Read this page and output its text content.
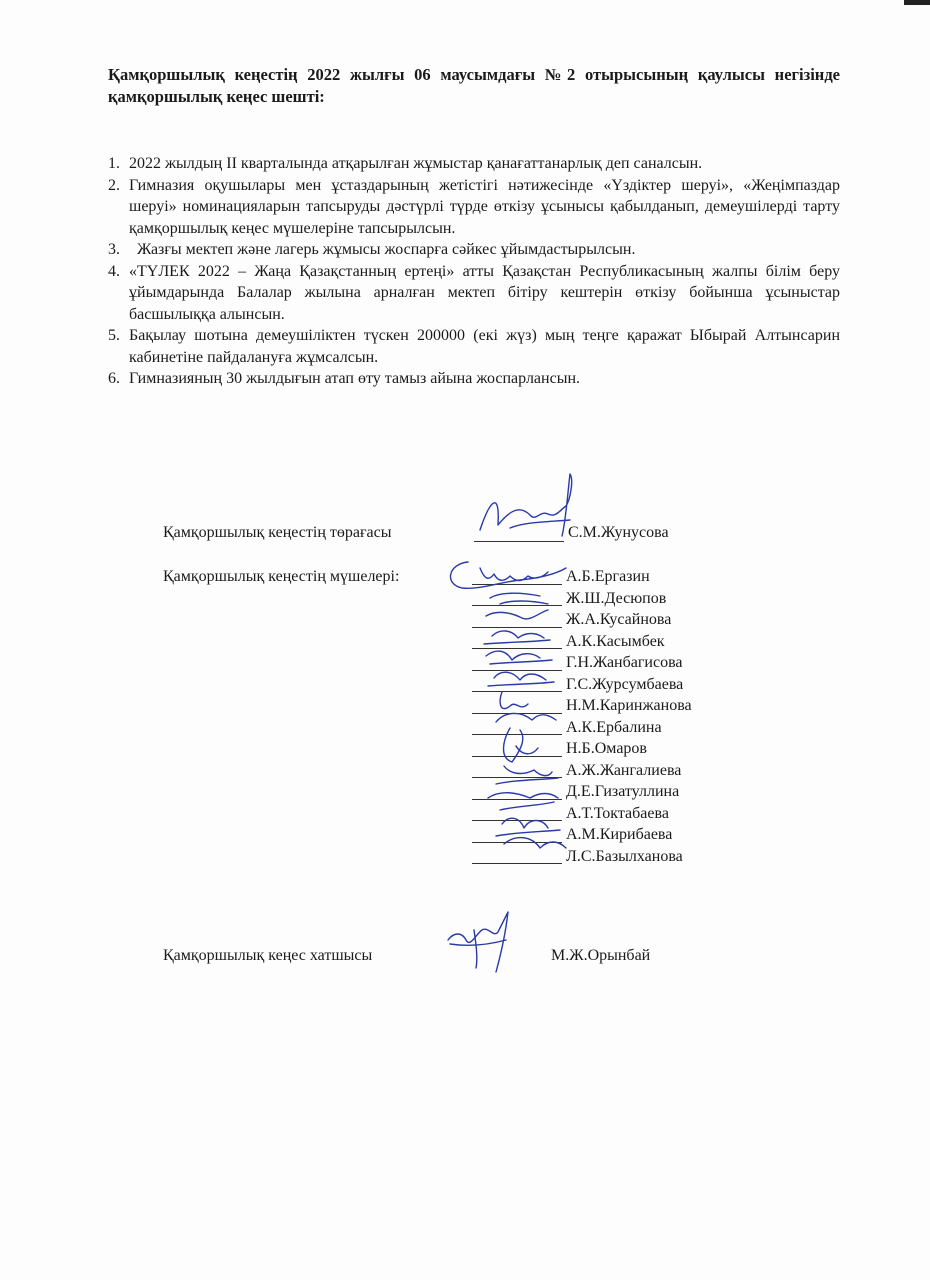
Қамқоршылық кеңестің 2022 жылғы 06 маусымдағы №2 отырысының қаулысы негізінде қамқоршылық кеңес шешті:
1. 2022 жылдың ІІ кварталында атқарылған жұмыстар қанағаттанарлық деп саналсын.
2. Гимназия оқушылары мен ұстаздарының жетістігі нәтижесінде «Үздіктер шеруі», «Жеңімпаздар шеруі» номинацияларын тапсыруды дәстүрлі түрде өткізу ұсынысы қабылданып, демеушілерді тарту қамқоршылық кеңес мүшелеріне тапсырылсын.
3. Жазғы мектеп және лагерь жұмысы жоспарға сәйкес ұйымдастырылсын.
4. «ТҮЛЕК 2022 – Жаңа Қазақстанның ертеңі» атты Қазақстан Республикасының жалпы білім беру ұйымдарында Балалар жылына арналған мектеп бітіру кештерін өткізу бойынша ұсыныстар басшылыққа алынсын.
5. Бақылау шотына демеушіліктен түскен 200000 (екі жүз) мың теңге қаражат Ыбырай Алтынсарин кабинетіне пайдалануға жұмсалсын.
6. Гимназияның 30 жылдығын атап өту тамыз айына жоспарлансын.
Қамқоршылық кеңестің төрағасы	С.М.Жунусова
Қамқоршылық кеңестің мүшелері:	А.Б.Ергазин
Ж.Ш.Десюпов
Ж.А.Кусайнова
А.К.Касымбек
Г.Н.Жанбагисова
Г.С.Журсумбаева
Н.М.Каринжанова
А.К.Ербалина
Н.Б.Омаров
А.Ж.Жангалиева
Д.Е.Гизатуллина
А.Т.Токтабаева
А.М.Кирибаева
Л.С.Базылханова
Қамқоршылық кеңес хатшысы	М.Ж.Орынбай
